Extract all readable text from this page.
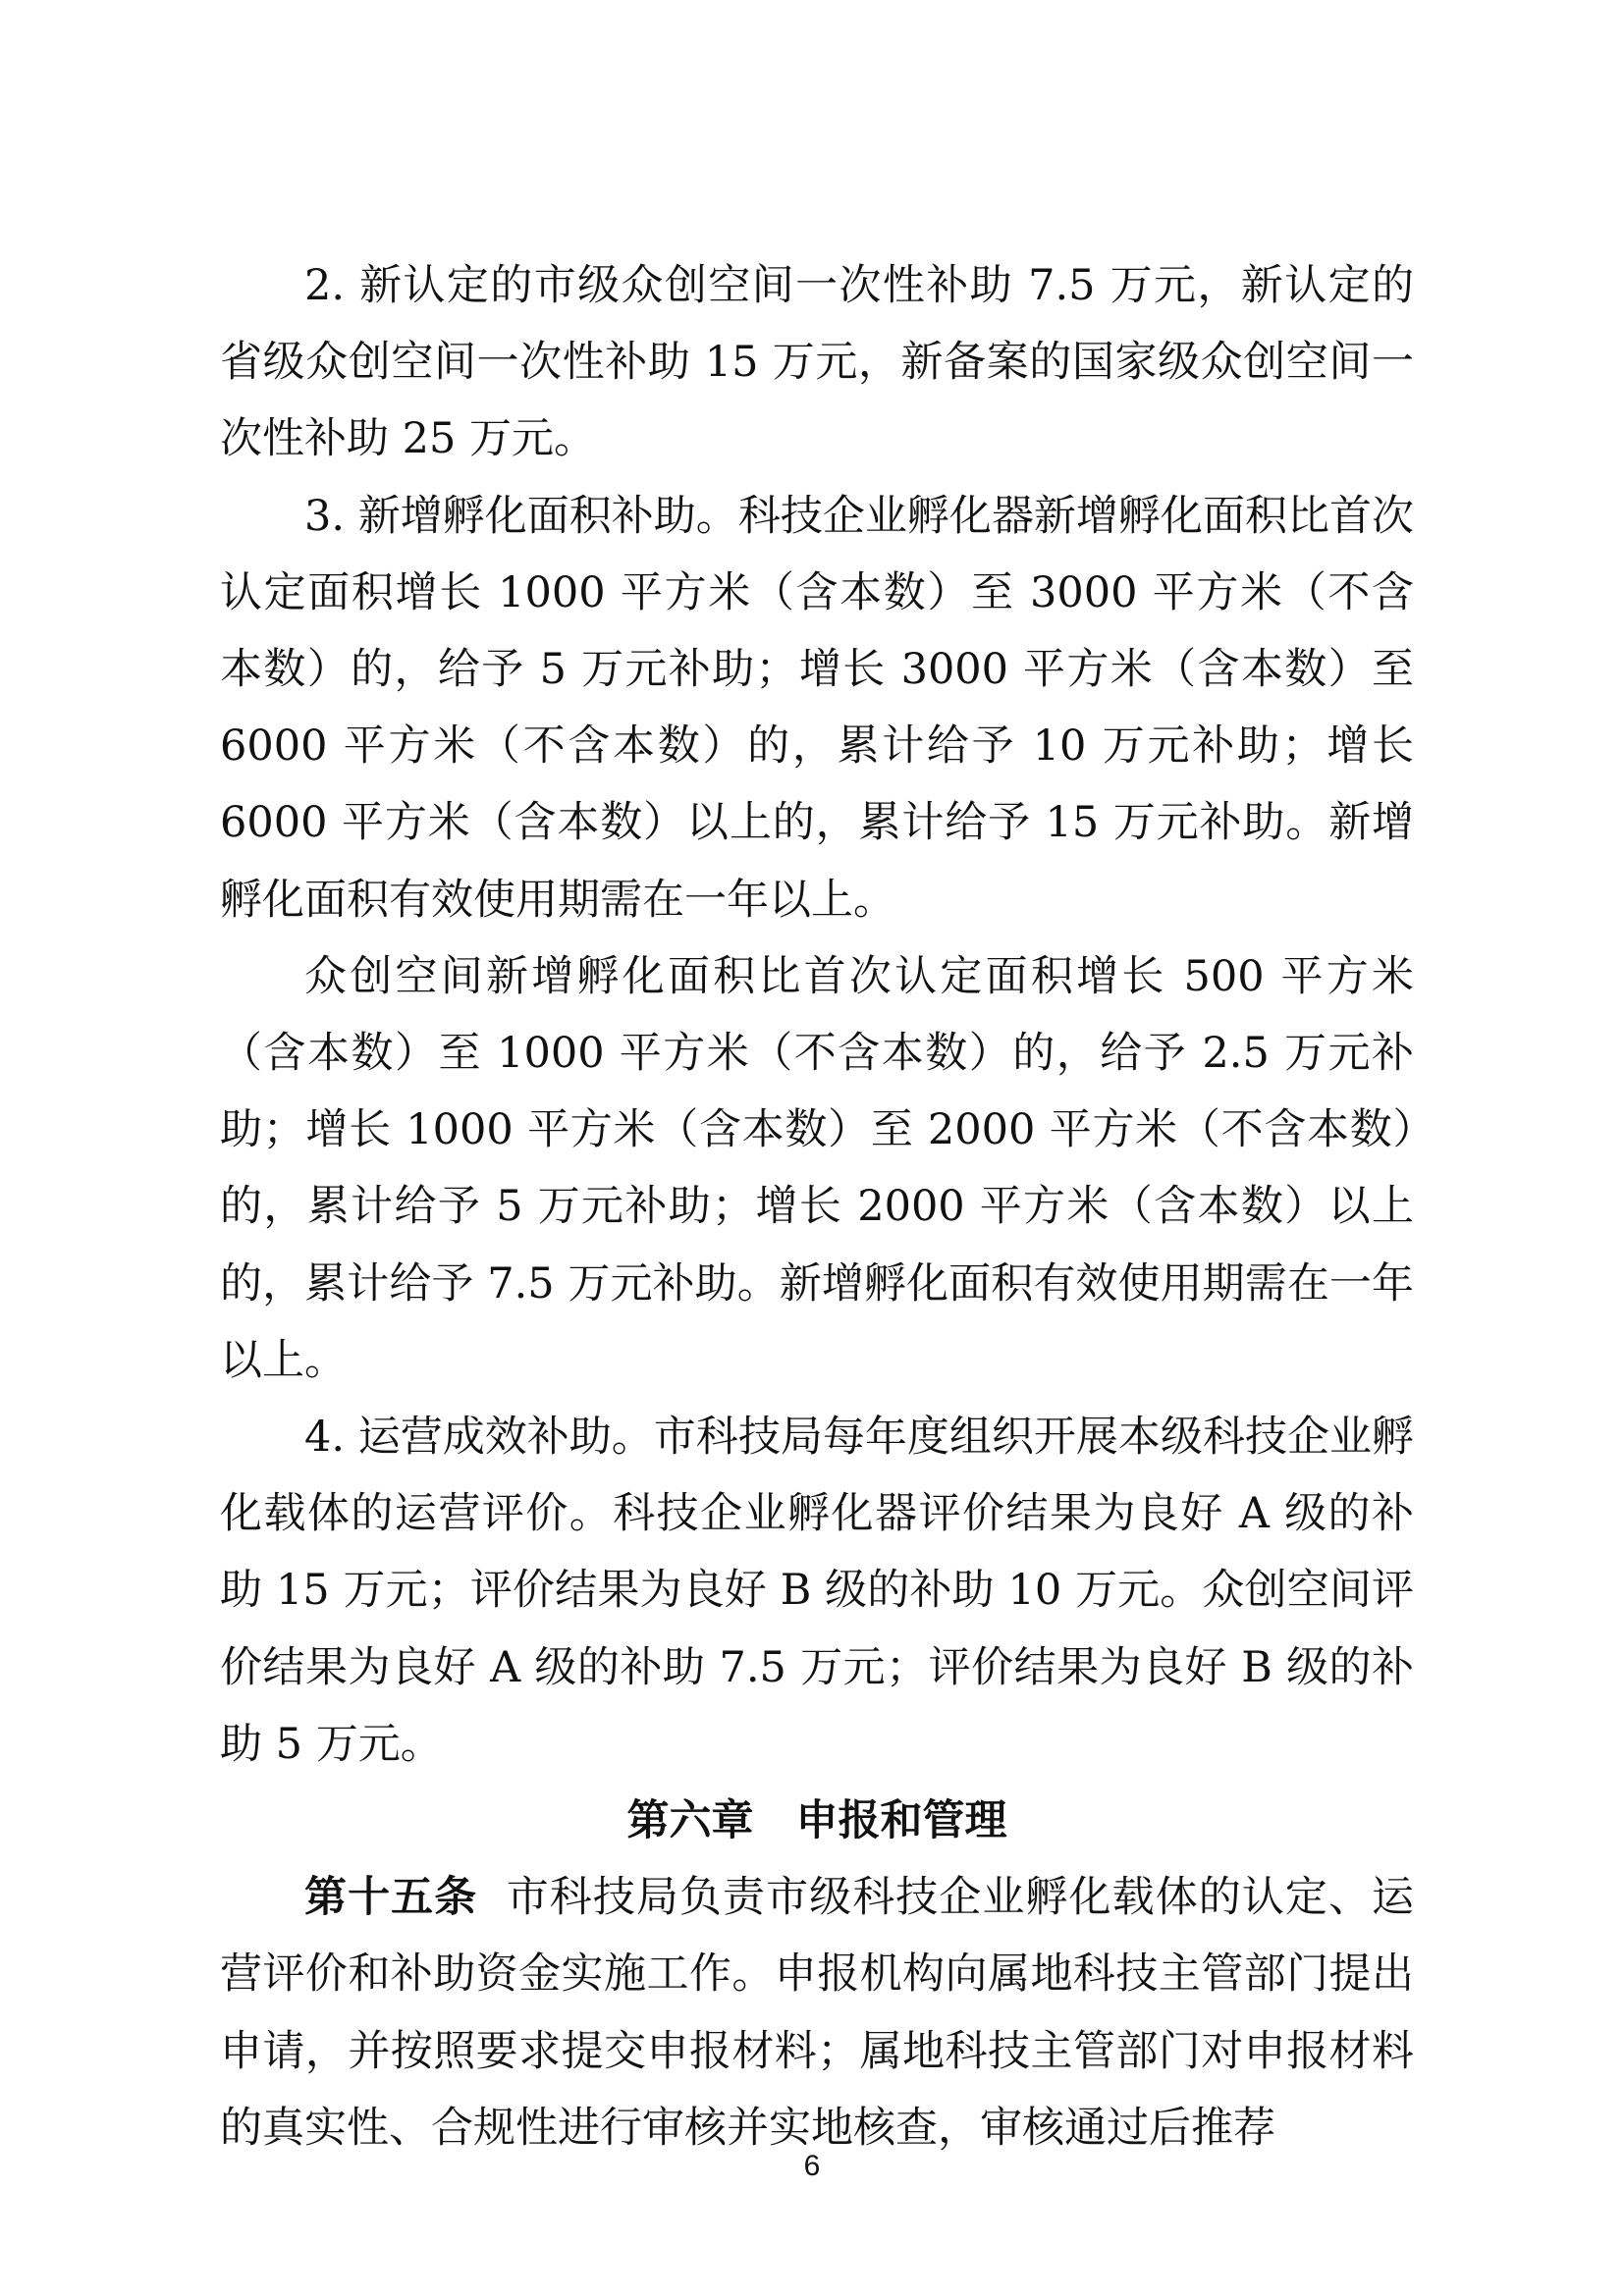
2. 新认定的市级众创空间一次性补助 7.5 万元，新认定的省级众创空间一次性补助 15 万元，新备案的国家级众创空间一次性补助 25 万元。

3. 新增孵化面积补助。科技企业孵化器新增孵化面积比首次认定面积增长 1000 平方米（含本数）至 3000 平方米（不含本数）的，给予 5 万元补助；增长 3000 平方米（含本数）至 6000 平方米（不含本数）的，累计给予 10 万元补助；增长 6000 平方米（含本数）以上的，累计给予 15 万元补助。新增孵化面积有效使用期需在一年以上。

众创空间新增孵化面积比首次认定面积增长 500 平方米（含本数）至 1000 平方米（不含本数）的，给予 2.5 万元补助；增长 1000 平方米（含本数）至 2000 平方米（不含本数）的，累计给予 5 万元补助；增长 2000 平方米（含本数）以上的，累计给予 7.5 万元补助。新增孵化面积有效使用期需在一年以上。

4. 运营成效补助。市科技局每年度组织开展本级科技企业孵化载体的运营评价。科技企业孵化器评价结果为良好 A 级的补助 15 万元；评价结果为良好 B 级的补助 10 万元。众创空间评价结果为良好 A 级的补助 7.5 万元；评价结果为良好 B 级的补助 5 万元。

第六章　申报和管理

第十五条 市科技局负责市级科技企业孵化载体的认定、运营评价和补助资金实施工作。申报机构向属地科技主管部门提出申请，并按照要求提交申报材料；属地科技主管部门对申报材料的真实性、合规性进行审核并实地核查，审核通过后推荐

6
